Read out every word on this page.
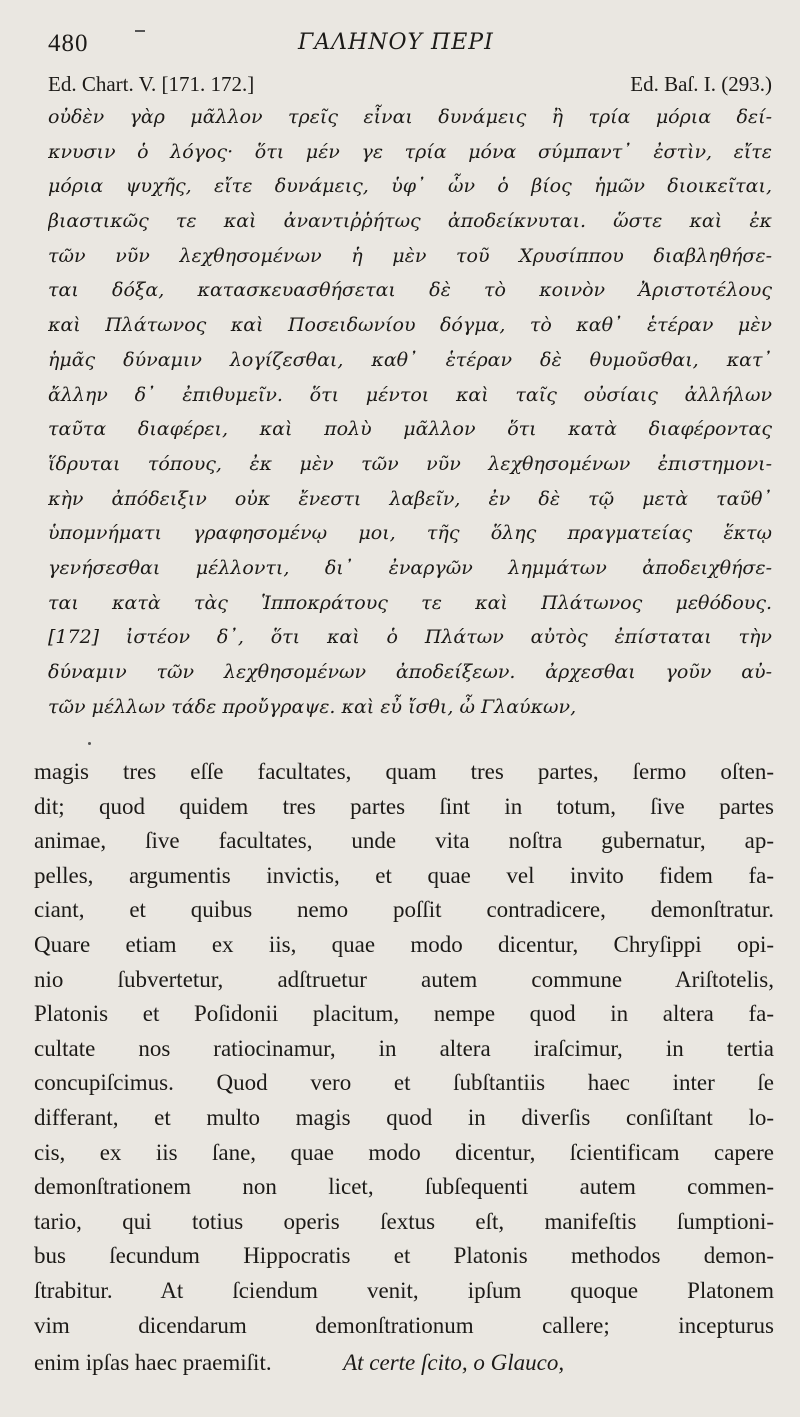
480	ΓΑΛΗΝΟΥ ΠΕΡΙ
Ed. Chart. V. [171. 172.]	Ed. Baſ. I. (293.)
οὐδὲν γὰρ μᾶλλον τρεῖς εἶναι δυνάμεις ἢ τρία μόρια δεί-
κνυσιν ὁ λόγος· ὅτι μέν γε τρία μόνα σύμπαντ᾽ ἐστὶν, εἴτε
μόρια ψυχῆς, εἴτε δυνάμεις, ὑφ᾽ ὧν ὁ βίος ἡμῶν διοικεῖται,
βιαστικῶς τε καὶ ἀναντιῤῥήτως ἀποδείκνυται. ὥστε καὶ ἐκ
τῶν νῦν λεχθησομένων ἡ μὲν τοῦ Χρυσίππου διαβληθήσε-
ται δόξα, κατασκευασθήσεται δὲ τὸ κοινὸν Ἀριστοτέλους
καὶ Πλάτωνος καὶ Ποσειδωνίου δόγμα, τὸ καθ᾽ ἑτέραν μὲν
ἡμᾶς δύναμιν λογίζεσθαι, καθ᾽ ἑτέραν δὲ θυμοῦσθαι, κατ᾽
ἄλλην δ᾽ ἐπιθυμεῖν. ὅτι μέντοι καὶ ταῖς οὐσίαις ἀλλήλων
ταῦτα διαφέρει, καὶ πολὺ μᾶλλον ὅτι κατὰ διαφέροντας
ἵδρυται τόπους, ἐκ μὲν τῶν νῦν λεχθησομένων ἐπιστημονι-
κὴν ἀπόδειξιν οὐκ ἔνεστι λαβεῖν, ἐν δὲ τῷ μετὰ ταῦθ᾽
ὑπομνήματι γραφησομένῳ μοι, τῆς ὅλης πραγματείας ἕκτῳ
γενήσεσθαι μέλλοντι, δι᾽ ἐναργῶν λημμάτων ἀποδειχθήσε-
ται κατὰ τὰς Ἱπποκράτους τε καὶ Πλάτωνος μεθόδους.
[172] ἰστέον δ᾽, ὅτι καὶ ὁ Πλάτων αὐτὸς ἐπίσταται τὴν
δύναμιν τῶν λεχθησομένων ἀποδείξεων. ἀρχεσθαι γοῦν αὐ-
τῶν μέλλων τάδε προὔγραψε. καὶ εὖ ἴσθι, ὦ Γλαύκων,
magis tres eſſe facultates, quam tres partes, ſermo oſten-
dit; quod quidem tres partes ſint in totum, ſive partes
animae, ſive facultates, unde vita noſtra gubernatur, ap-
pelles, argumentis invictis, et quae vel invito fidem fa-
ciant, et quibus nemo poſſit contradicere, demonſtratur.
Quare etiam ex iis, quae modo dicentur, Chryſippi opi-
nio ſubvertetur, adſtruetur autem commune Ariſtotelis,
Platonis et Poſidonii placitum, nempe quod in altera fa-
cultate nos ratiocinamur, in altera iraſcimur, in tertia
concupiſcimus. Quod vero et ſubſtantiis haec inter ſe
differant, et multo magis quod in diverſis conſiſtant lo-
cis, ex iis ſane, quae modo dicentur, ſcientificam capere
demonſtrationem non licet, ſubſequenti autem commen-
tario, qui totius operis ſextus eſt, manifeſtis ſumptioni-
bus ſecundum Hippocratis et Platonis methodos demon-
ſtrabitur. At ſciendum venit, ipſum quoque Platonem
vim dicendarum demonſtrationum callere; incepturus
enim ipſas haec praemiſit.	At certe ſcito, o Glauco,
